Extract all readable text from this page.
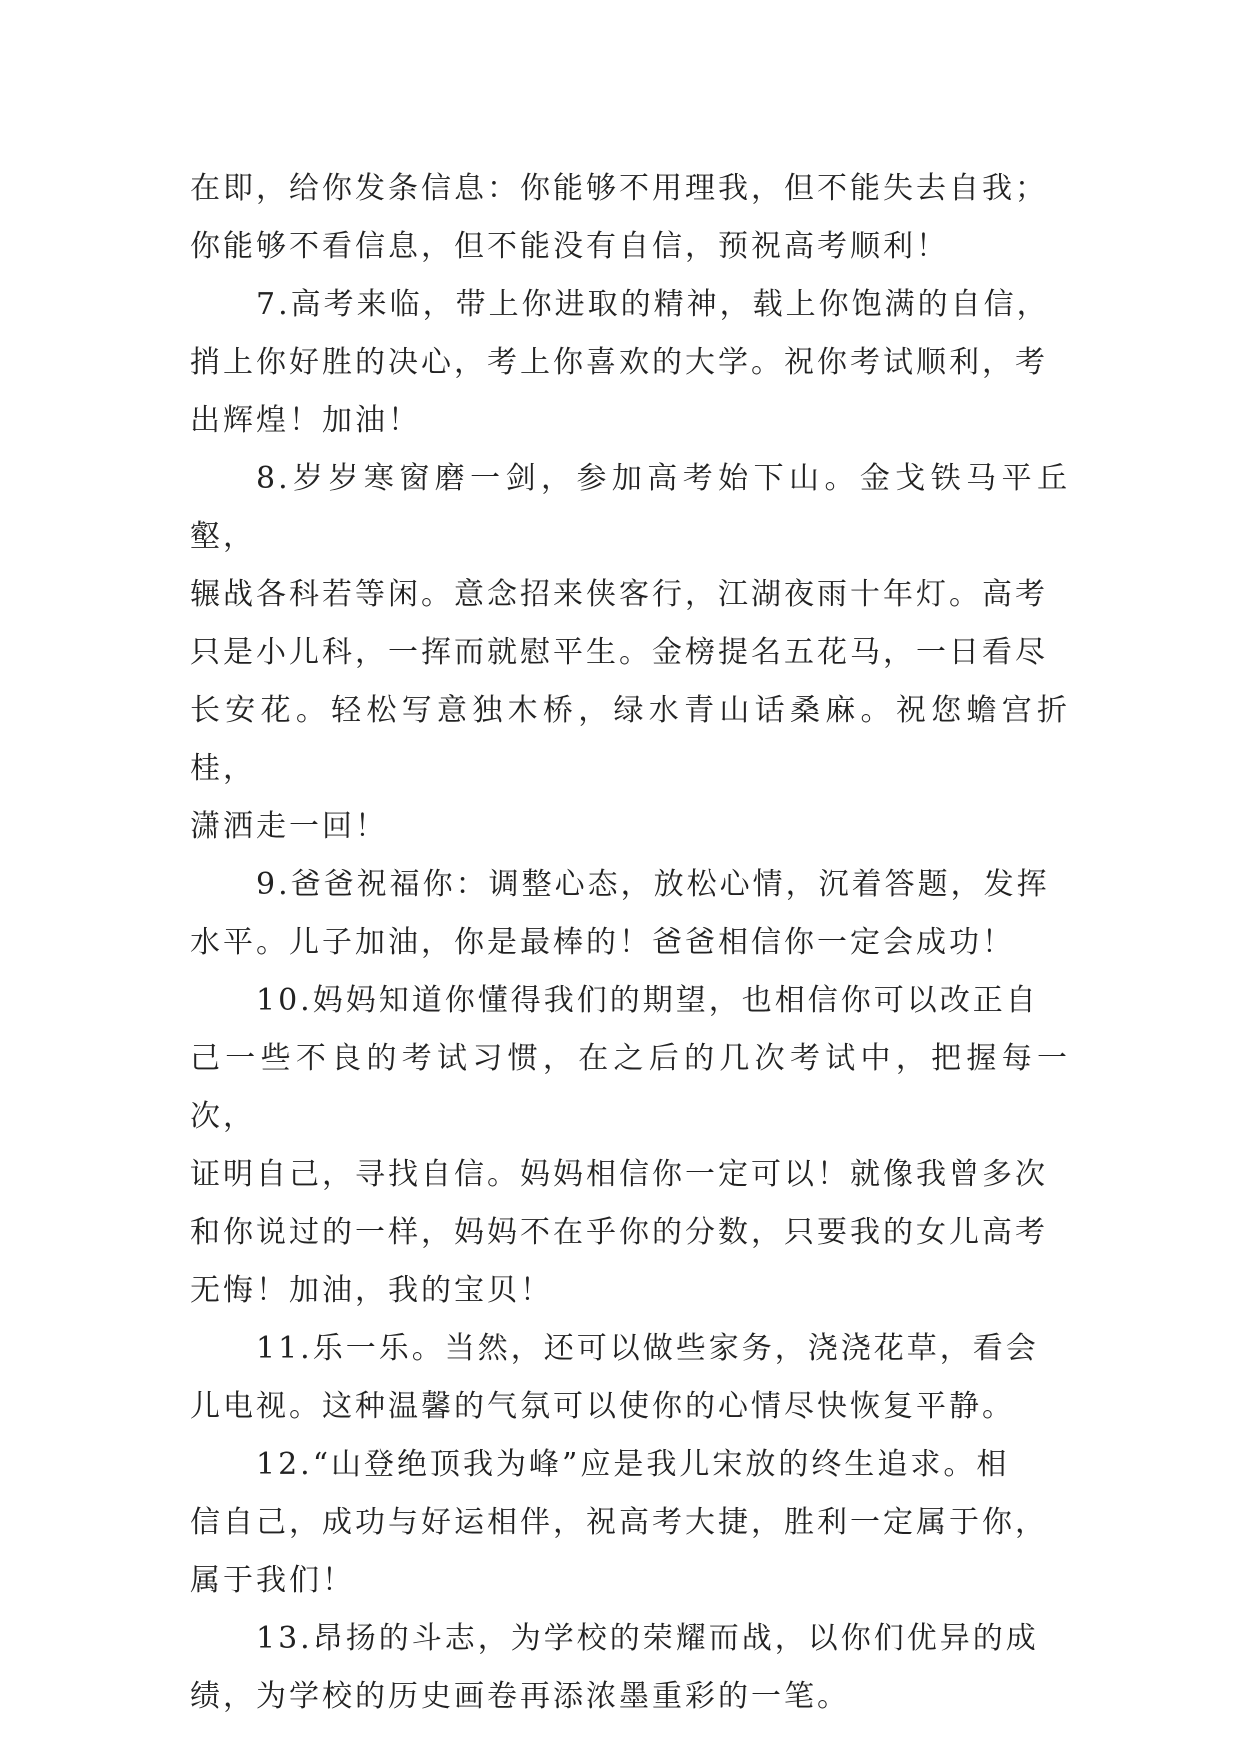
在即，给你发条信息：你能够不用理我，但不能失去自我；
你能够不看信息，但不能没有自信，预祝高考顺利！

7.高考来临，带上你进取的精神，载上你饱满的自信，
捎上你好胜的决心，考上你喜欢的大学。祝你考试顺利，考
出辉煌！加油！

8.岁岁寒窗磨一剑，参加高考始下山。金戈铁马平丘壑，
辗战各科若等闲。意念招来侠客行，江湖夜雨十年灯。高考
只是小儿科，一挥而就慰平生。金榜提名五花马，一日看尽
长安花。轻松写意独木桥，绿水青山话桑麻。祝您蟾宫折桂，
潇洒走一回！

9.爸爸祝福你：调整心态，放松心情，沉着答题，发挥
水平。儿子加油，你是最棒的！爸爸相信你一定会成功！

10.妈妈知道你懂得我们的期望，也相信你可以改正自
己一些不良的考试习惯，在之后的几次考试中，把握每一次，
证明自己，寻找自信。妈妈相信你一定可以！就像我曾多次
和你说过的一样，妈妈不在乎你的分数，只要我的女儿高考
无悔！加油，我的宝贝！

11.乐一乐。当然，还可以做些家务，浇浇花草，看会
儿电视。这种温馨的气氛可以使你的心情尽快恢复平静。

12.“山登绝顶我为峰”应是我儿宋放的终生追求。相
信自己，成功与好运相伴，祝高考大捷，胜利一定属于你，
属于我们！

13.昂扬的斗志，为学校的荣耀而战，以你们优异的成
绩，为学校的历史画卷再添浓墨重彩的一笔。
